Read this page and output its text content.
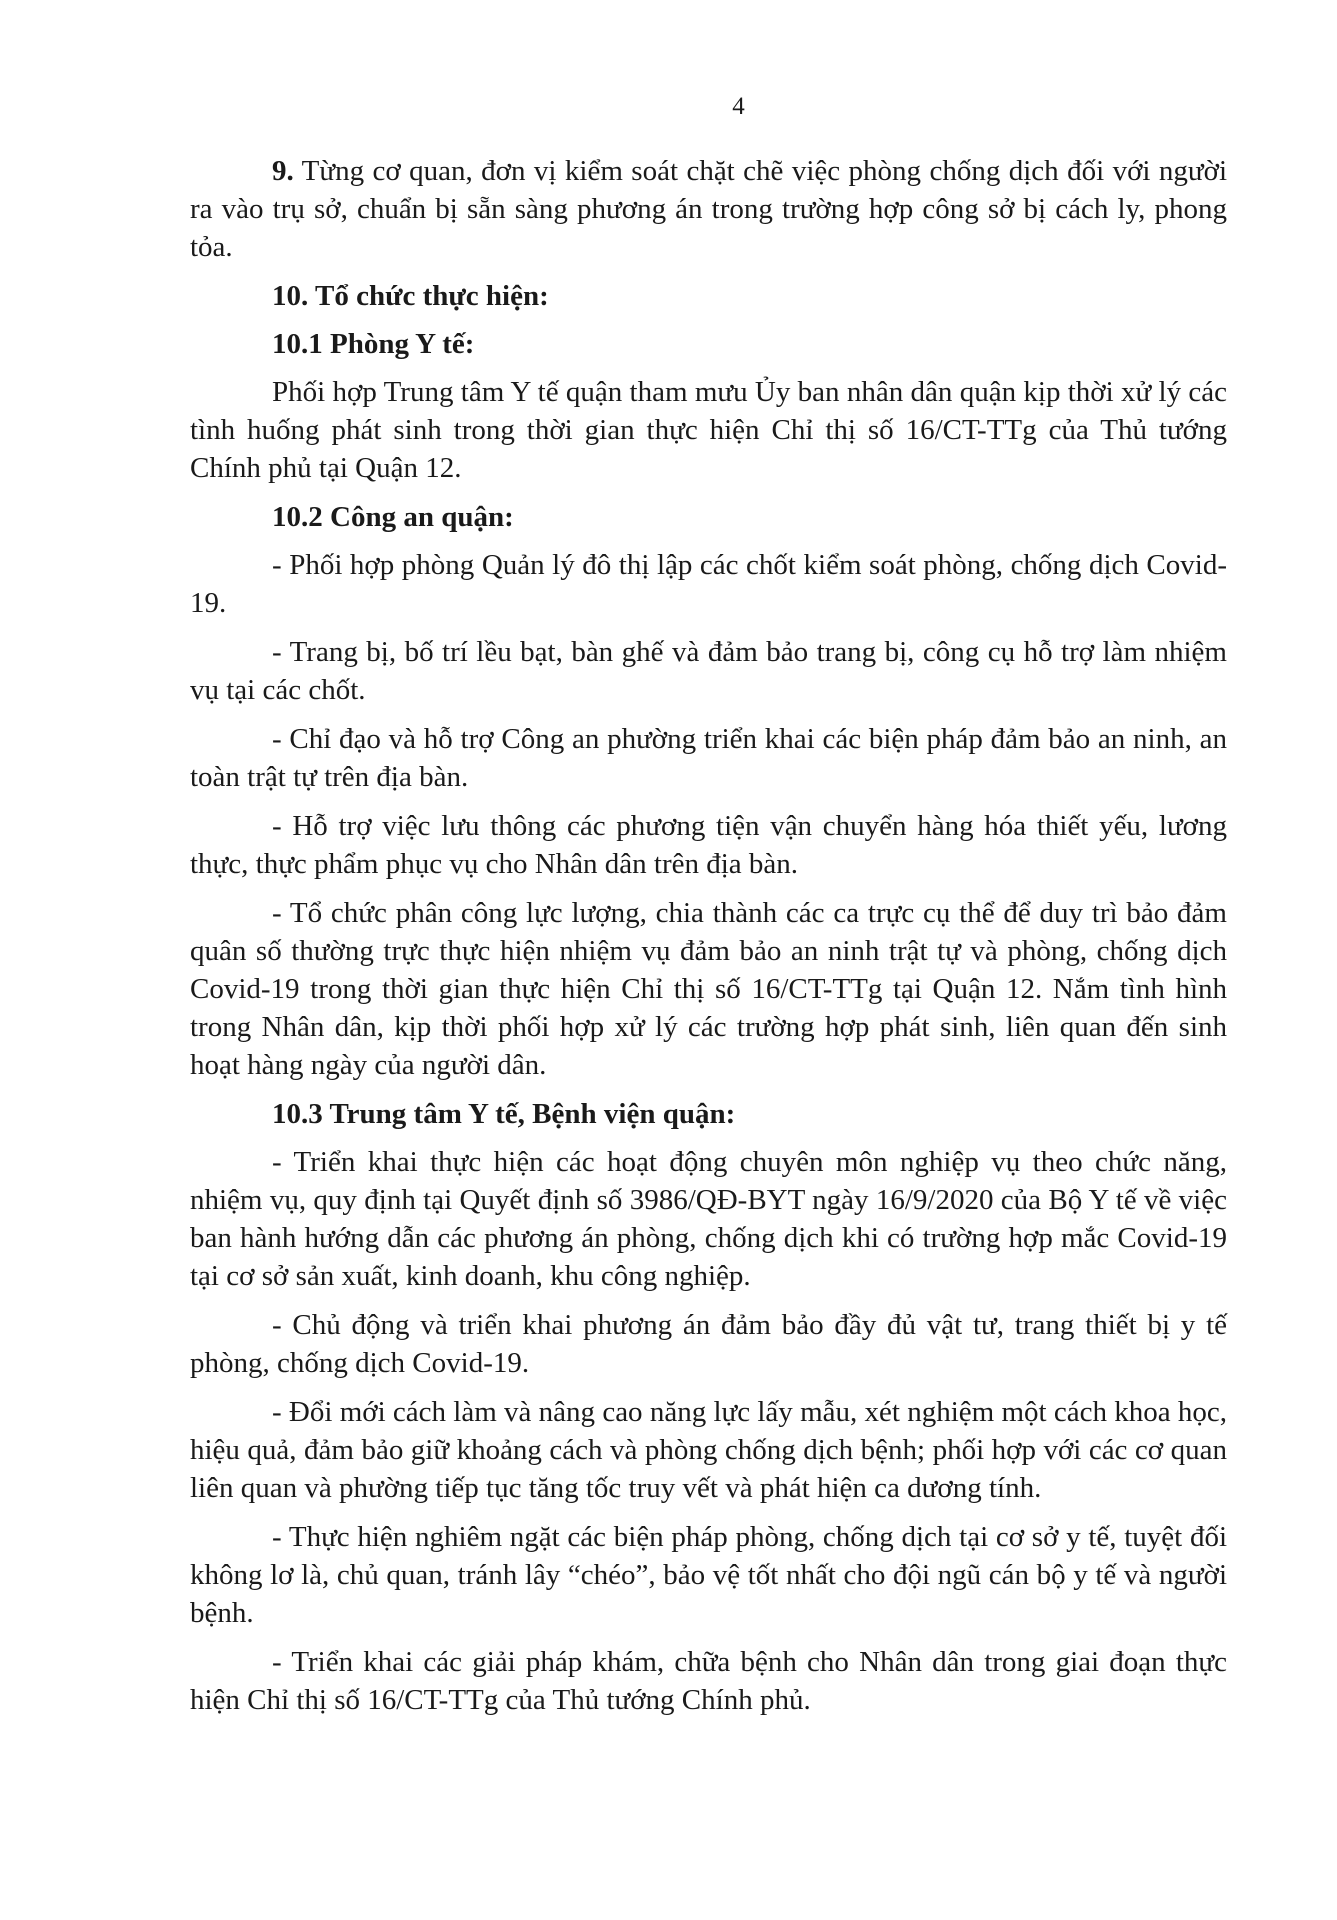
4

9. Từng cơ quan, đơn vị kiểm soát chặt chẽ việc phòng chống dịch đối với người ra vào trụ sở, chuẩn bị sẵn sàng phương án trong trường hợp công sở bị cách ly, phong tỏa.

10. Tổ chức thực hiện:

10.1 Phòng Y tế:

Phối hợp Trung tâm Y tế quận tham mưu Ủy ban nhân dân quận kịp thời xử lý các tình huống phát sinh trong thời gian thực hiện Chỉ thị số 16/CT-TTg của Thủ tướng Chính phủ tại Quận 12.

10.2 Công an quận:

- Phối hợp phòng Quản lý đô thị lập các chốt kiểm soát phòng, chống dịch Covid-19.

- Trang bị, bố trí lều bạt, bàn ghế và đảm bảo trang bị, công cụ hỗ trợ làm nhiệm vụ tại các chốt.

- Chỉ đạo và hỗ trợ Công an phường triển khai các biện pháp đảm bảo an ninh, an toàn trật tự trên địa bàn.

- Hỗ trợ việc lưu thông các phương tiện vận chuyển hàng hóa thiết yếu, lương thực, thực phẩm phục vụ cho Nhân dân trên địa bàn.

- Tổ chức phân công lực lượng, chia thành các ca trực cụ thể để duy trì bảo đảm quân số thường trực thực hiện nhiệm vụ đảm bảo an ninh trật tự và phòng, chống dịch Covid-19 trong thời gian thực hiện Chỉ thị số 16/CT-TTg tại Quận 12. Nắm tình hình trong Nhân dân, kịp thời phối hợp xử lý các trường hợp phát sinh, liên quan đến sinh hoạt hàng ngày của người dân.

10.3 Trung tâm Y tế, Bệnh viện quận:

- Triển khai thực hiện các hoạt động chuyên môn nghiệp vụ theo chức năng, nhiệm vụ, quy định tại Quyết định số 3986/QĐ-BYT ngày 16/9/2020 của Bộ Y tế về việc ban hành hướng dẫn các phương án phòng, chống dịch khi có trường hợp mắc Covid-19 tại cơ sở sản xuất, kinh doanh, khu công nghiệp.

- Chủ động và triển khai phương án đảm bảo đầy đủ vật tư, trang thiết bị y tế phòng, chống dịch Covid-19.

- Đổi mới cách làm và nâng cao năng lực lấy mẫu, xét nghiệm một cách khoa học, hiệu quả, đảm bảo giữ khoảng cách và phòng chống dịch bệnh; phối hợp với các cơ quan liên quan và phường tiếp tục tăng tốc truy vết và phát hiện ca dương tính.

- Thực hiện nghiêm ngặt các biện pháp phòng, chống dịch tại cơ sở y tế, tuyệt đối không lơ là, chủ quan, tránh lây “chéo”, bảo vệ tốt nhất cho đội ngũ cán bộ y tế và người bệnh.

- Triển khai các giải pháp khám, chữa bệnh cho Nhân dân trong giai đoạn thực hiện Chỉ thị số 16/CT-TTg của Thủ tướng Chính phủ.
